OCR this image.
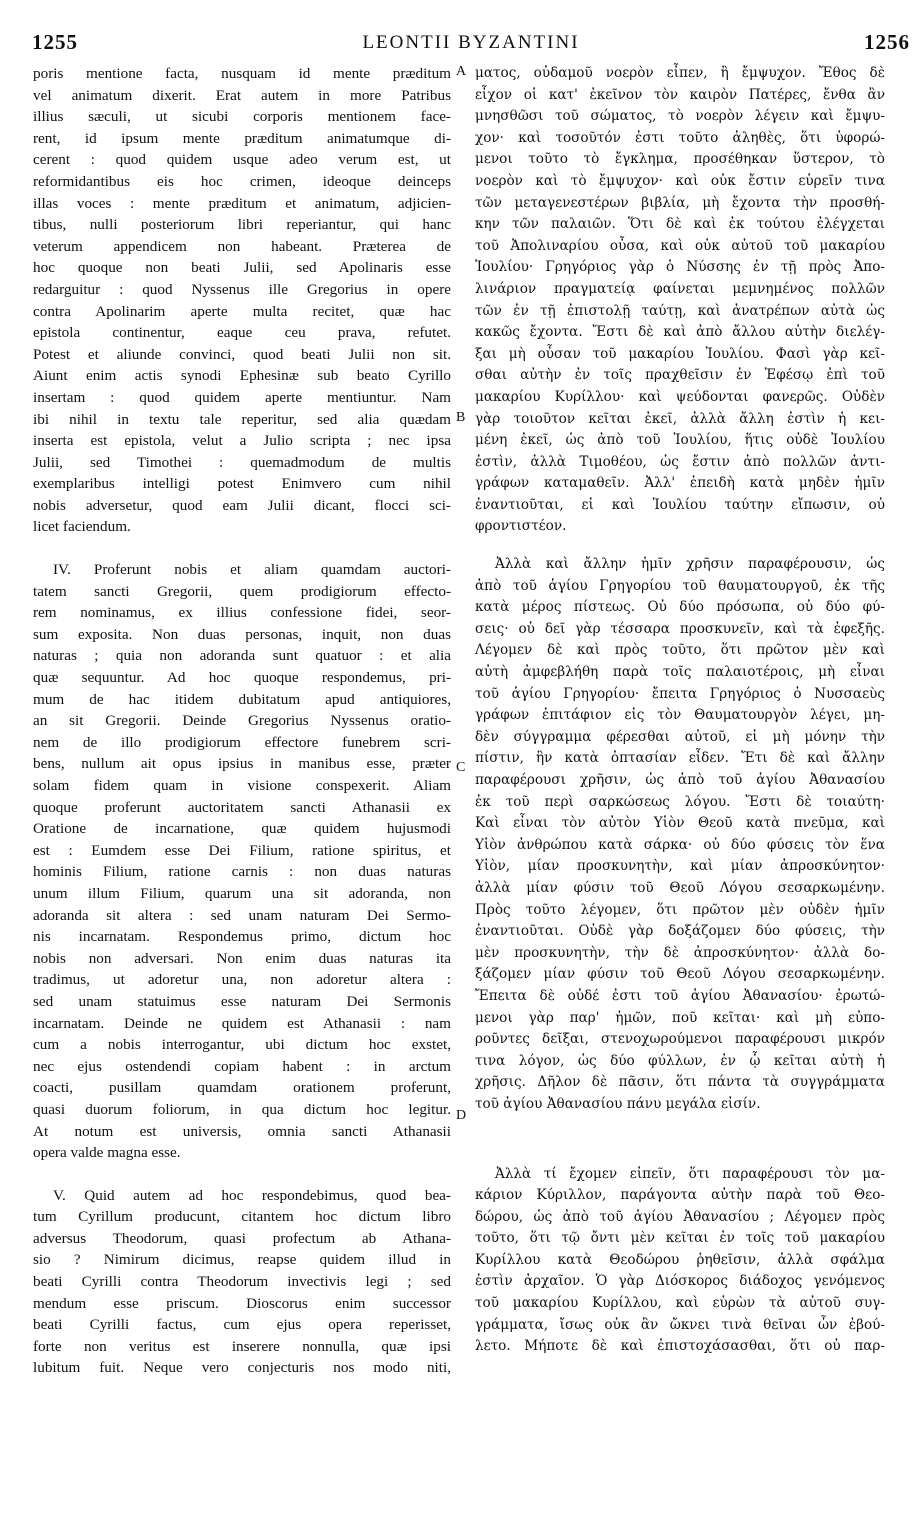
1255	LEONTII BYZANTINI	1256
A
B
C
D
poris mentione facta, nusquam id mente præditum
vel animatum dixerit. Erat autem in more Patribus
illius sæculi, ut sicubi corporis mentionem face-
rent, id ipsum mente præditum animatumque di-
cerent : quod quidem usque adeo verum est, ut
reformidantibus eis hoc crimen, ideoque deinceps
illas voces : mente præditum et animatum, adjicien-
tibus, nulli posteriorum libri reperiantur, qui hanc
veterum appendicem non habeant. Præterea de
hoc quoque non beati Julii, sed Apolinaris esse
redarguitur : quod Nyssenus ille Gregorius in opere
contra Apolinarim aperte multa recitet, quæ hac
epistola continentur, eaque ceu prava, refutet.
Potest et aliunde convinci, quod beati Julii non sit.
Aiunt enim actis synodi Ephesinæ sub beato Cyrillo
insertam : quod quidem aperte mentiuntur. Nam
ibi nihil in textu tale reperitur, sed alia quædam
inserta est epistola, velut a Julio scripta ; nec ipsa
Julii, sed Timothei : quemadmodum de multis
exemplaribus intelligi potest Enimvero cum nihil
nobis adversetur, quod eam Julii dicant, flocci sci-
licet faciendum.
IV. Proferunt nobis et aliam quamdam auctori-
tatem sancti Gregorii, quem prodigiorum effecto-
rem nominamus, ex illius confessione fidei, seor-
sum exposita. Non duas personas, inquit, non duas
naturas ; quia non adoranda sunt quatuor : et alia
quæ sequuntur. Ad hoc quoque respondemus, pri-
mum de hac itidem dubitatum apud antiquiores,
an sit Gregorii. Deinde Gregorius Nyssenus oratio-
nem de illo prodigiorum effectore funebrem scri-
bens, nullum ait opus ipsius in manibus esse, præter
solam fidem quam in visione conspexerit. Aliam
quoque proferunt auctoritatem sancti Athanasii ex
Oratione de incarnatione, quæ quidem hujusmodi
est : Eumdem esse Dei Filium, ratione spiritus, et
hominis Filium, ratione carnis : non duas naturas
unum illum Filium, quarum una sit adoranda, non
adoranda sit altera : sed unam naturam Dei Sermo-
nis incarnatam. Respondemus primo, dictum hoc
nobis non adversari. Non enim duas naturas ita
tradimus, ut adoretur una, non adoretur altera :
sed unam statuimus esse naturam Dei Sermonis
incarnatam. Deinde ne quidem est Athanasii : nam
cum a nobis interrogantur, ubi dictum hoc exstet,
nec ejus ostendendi copiam habent : in arctum
coacti, pusillam quamdam orationem proferunt,
quasi duorum foliorum, in qua dictum hoc legitur.
At notum est universis, omnia sancti Athanasii
opera valde magna esse.
V. Quid autem ad hoc respondebimus, quod bea-
tum Cyrillum producunt, citantem hoc dictum libro
adversus Theodorum, quasi profectum ab Athana-
sio ? Nimirum dicimus, reapse quidem illud in
beati Cyrilli contra Theodorum invectivis legi ; sed
mendum esse priscum. Dioscorus enim successor
beati Cyrilli factus, cum ejus opera reperisset,
forte non veritus est inserere nonnulla, quæ ipsi
lubitum fuit. Neque vero conjecturis nos modo niti,
ματος, οὐδαμοῦ νοερὸν εἶπεν, ἢ ἔμψυχον. Ἔθος δὲ
εἶχον οἱ κατ' ἐκεῖνον τὸν καιρὸν Πατέρες, ἔνθα ἂν
μνησθῶσι τοῦ σώματος, τὸ νοερὸν λέγειν καὶ ἔμψυ-
χον· καὶ τοσοῦτόν ἐστι τοῦτο ἀληθὲς, ὅτι ὑφορώ-
μενοι τοῦτο τὸ ἔγκλημα, προσέθηκαν ὕστερον, τὸ
νοερὸν καὶ τὸ ἔμψυχον· καὶ οὐκ ἔστιν εὑρεῖν τινα
τῶν μεταγενεστέρων βιβλία, μὴ ἔχοντα τὴν προσθή-
κην τῶν παλαιῶν. Ὅτι δὲ καὶ ἐκ τούτου ἐλέγχεται
τοῦ Ἀπολιναρίου οὖσα, καὶ οὐκ αὐτοῦ τοῦ μακαρίου
Ἰουλίου· Γρηγόριος γὰρ ὁ Νύσσης ἐν τῇ πρὸς Ἀπο-
λινάριον πραγματείᾳ φαίνεται μεμνημένος πολλῶν
τῶν ἐν τῇ ἐπιστολῇ ταύτῃ, καὶ ἀνατρέπων αὐτὰ ὡς
κακῶς ἔχοντα. Ἔστι δὲ καὶ ἀπὸ ἄλλου αὐτὴν διελέγ-
ξαι μὴ οὖσαν τοῦ μακαρίου Ἰουλίου. Φασὶ γὰρ κεῖ-
σθαι αὐτὴν ἐν τοῖς πραχθεῖσιν ἐν Ἐφέσῳ ἐπὶ τοῦ
μακαρίου Κυρίλλου· καὶ ψεύδονται φανερῶς. Οὐδὲν
γὰρ τοιοῦτον κεῖται ἐκεῖ, ἀλλὰ ἄλλη ἐστὶν ἡ κει-
μένη ἐκεῖ, ὡς ἀπὸ τοῦ Ἰουλίου, ἥτις οὐδὲ Ἰουλίου
ἐστὶν, ἀλλὰ Τιμοθέου, ὡς ἔστιν ἀπὸ πολλῶν ἀντι-
γράφων καταμαθεῖν. Ἀλλ' ἐπειδὴ κατὰ μηδὲν ἡμῖν
ἐναντιοῦται, εἰ καὶ Ἰουλίου ταύτην εἴπωσιν, οὐ
φροντιστέον.
Ἀλλὰ καὶ ἄλλην ἡμῖν χρῆσιν παραφέρουσιν, ὡς
ἀπὸ τοῦ ἁγίου Γρηγορίου τοῦ θαυματουργοῦ, ἐκ τῆς
κατὰ μέρος πίστεως. Οὐ δύο πρόσωπα, οὐ δύο φύ-
σεις· οὐ δεῖ γὰρ τέσσαρα προσκυνεῖν, καὶ τὰ ἐφεξῆς.
Λέγομεν δὲ καὶ πρὸς τοῦτο, ὅτι πρῶτον μὲν καὶ
αὐτὴ ἀμφεβλήθη παρὰ τοῖς παλαιοτέροις, μὴ εἶναι
τοῦ ἁγίου Γρηγορίου· ἔπειτα Γρηγόριος ὁ Νυσσαεὺς
γράφων ἐπιτάφιον εἰς τὸν Θαυματουργὸν λέγει, μη-
δὲν σύγγραμμα φέρεσθαι αὐτοῦ, εἰ μὴ μόνην τὴν
πίστιν, ἣν κατὰ ὀπτασίαν εἶδεν. Ἔτι δὲ καὶ ἄλλην
παραφέρουσι χρῆσιν, ὡς ἀπὸ τοῦ ἁγίου Ἀθανασίου
ἐκ τοῦ περὶ σαρκώσεως λόγου. Ἔστι δὲ τοιαύτη·
Καὶ εἶναι τὸν αὐτὸν Υἱὸν Θεοῦ κατὰ πνεῦμα, καὶ
Υἱὸν ἀνθρώπου κατὰ σάρκα· οὐ δύο φύσεις τὸν ἕνα
Υἱὸν, μίαν προσκυνητὴν, καὶ μίαν ἀπροσκύνητον·
ἀλλὰ μίαν φύσιν τοῦ Θεοῦ Λόγου σεσαρκωμένην.
Πρὸς τοῦτο λέγομεν, ὅτι πρῶτον μὲν οὐδὲν ἡμῖν
ἐναντιοῦται. Οὐδὲ γὰρ δοξάζομεν δύο φύσεις, τὴν
μὲν προσκυνητὴν, τὴν δὲ ἀπροσκύνητον· ἀλλὰ δο-
ξάζομεν μίαν φύσιν τοῦ Θεοῦ Λόγου σεσαρκωμένην.
Ἔπειτα δὲ οὐδέ ἐστι τοῦ ἁγίου Ἀθανασίου· ἐρωτώ-
μενοι γὰρ παρ' ἡμῶν, ποῦ κεῖται· καὶ μὴ εὐπο-
ροῦντες δεῖξαι, στενοχωρούμενοι παραφέρουσι μικρόν
τινα λόγον, ὡς δύο φύλλων, ἐν ᾧ κεῖται αὐτὴ ἡ
χρῆσις. Δῆλον δὲ πᾶσιν, ὅτι πάντα τὰ συγγράμματα
τοῦ ἁγίου Ἀθανασίου πάνυ μεγάλα εἰσίν.
Ἀλλὰ τί ἔχομεν εἰπεῖν, ὅτι παραφέρουσι τὸν μα-
κάριον Κύριλλον, παράγοντα αὐτὴν παρὰ τοῦ Θεο-
δώρου, ὡς ἀπὸ τοῦ ἁγίου Ἀθανασίου ; Λέγομεν πρὸς
τοῦτο, ὅτι τῷ ὄντι μὲν κεῖται ἐν τοῖς τοῦ μακαρίου
Κυρίλλου κατὰ Θεοδώρου ῥηθεῖσιν, ἀλλὰ σφάλμα
ἐστὶν ἀρχαῖον. Ὁ γὰρ Διόσκορος διάδοχος γενόμενος
τοῦ μακαρίου Κυρίλλου, καὶ εὑρὼν τὰ αὐτοῦ συγ-
γράμματα, ἴσως οὐκ ἂν ὤκνει τινὰ θεῖναι ὧν ἐβού-
λετο. Μήποτε δὲ καὶ ἐπιστοχάσασθαι, ὅτι οὐ παρ-
